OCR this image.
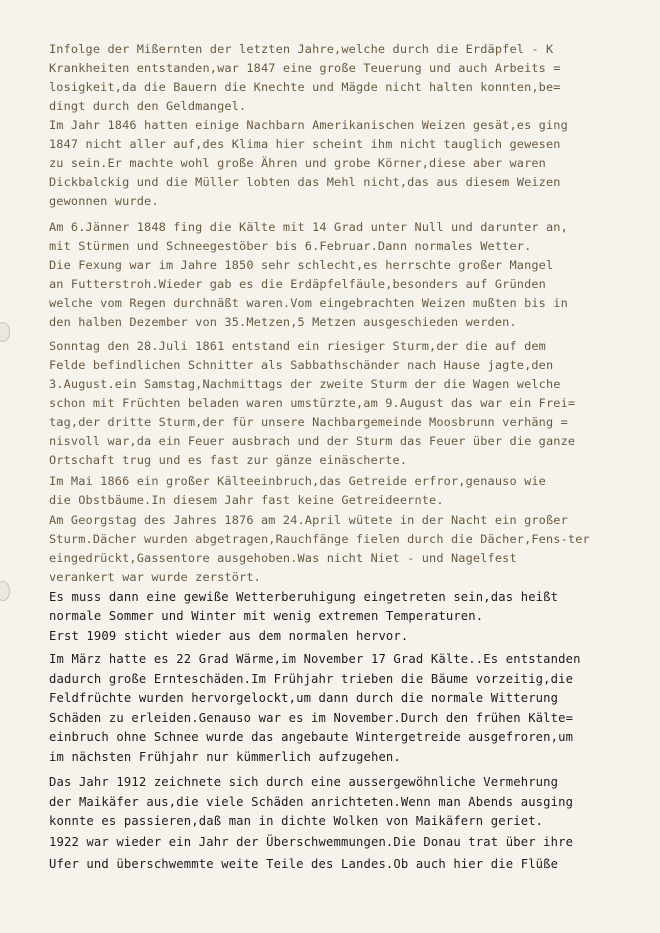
Infolge der Mißernten der letzten Jahre,welche durch die Erdäpfel - K
Krankheiten entstanden,war 1847 eine große Teuerung und auch Arbeits =
losigkeit,da die Bauern die Knechte und Mägde nicht halten konnten,be=
dingt durch den Geldmangel.
Im Jahr 1846 hatten einige Nachbarn Amerikanischen Weizen gesät,es ging
1847 nicht aller auf,des Klima hier scheint ihm nicht tauglich gewesen
zu sein.Er machte wohl große Ähren und grobe Körner,diese aber waren
Dickbalckig und die Müller lobten das Mehl nicht,das aus diesem Weizen
gewonnen wurde.
Am 6.Jänner 1848 fing die Kälte mit 14 Grad unter Null und darunter an,
mit Stürmen und Schneegestöber bis 6.Februar.Dann normales Wetter.
Die Fexung war im Jahre 1850 sehr schlecht,es herrschte großer Mangel
an Futterstroh.Wieder gab es die Erdäpfelfäule,besonders auf Gründen
welche vom Regen durchnäßt waren.Vom eingebrachten Weizen mußten bis in
den halben Dezember von 35.Metzen,5 Metzen ausgeschieden werden.
Sonntag den 28.Juli 1861 entstand ein riesiger Sturm,der die auf dem
Felde befindlichen Schnitter als Sabbathschänder nach Hause jagte,den
3.August.ein Samstag,Nachmittags der zweite Sturm der die Wagen welche
schon mit Früchten beladen waren umstürzte,am 9.August das war ein Frei=
tag,der dritte Sturm,der für unsere Nachbargemeinde Moosbrunn verhäng =
nisvoll war,da ein Feuer ausbrach und der Sturm das Feuer über die ganze
Ortschaft trug und es fast zur gänze einäscherte.
Im Mai 1866 ein großer Kälteeinbruch,das Getreide erfror,genauso wie
die Obstbäume.In diesem Jahr fast keine Getreideernte.
Am Georgstag des Jahres 1876 am 24.April wütete in der Nacht ein großer
Sturm.Dächer wurden abgetragen,Rauchfänge fielen durch die Dächer,Fens-ter
eingedrückt,Gassentore ausgehoben.Was nicht Niet - und Nagelfest
verankert war wurde zerstört.
Es muss dann eine gewiße Wetterberuhigung eingetreten sein,das heißt
normale Sommer und Winter mit wenig extremen Temperaturen.
Erst 1909 sticht wieder aus dem normalen hervor.
Im März hatte es 22 Grad Wärme,im November 17 Grad Kälte..Es entstanden
dadurch große Ernteschäden.Im Frühjahr trieben die Bäume vorzeitig,die
Feldfrüchte wurden hervorgelockt,um dann durch die normale Witterung
Schäden zu erleiden.Genauso war es im November.Durch den frühen Kälte=
einbruch ohne Schnee wurde das angebaute Wintergetreide ausgefroren,um
im nächsten Frühjahr nur kümmerlich aufzugehen.
Das Jahr 1912 zeichnete sich durch eine aussergewöhnliche Vermehrung
der Maikäfer aus,die viele Schäden anrichteten.Wenn man Abends ausging
konnte es passieren,daß man in dichte Wolken von Maikäfern geriet.
1922 war wieder ein Jahr der Überschwemmungen.Die Donau trat über ihre
Ufer und überschwemmte weite Teile des Landes.Ob auch hier die Flüße
